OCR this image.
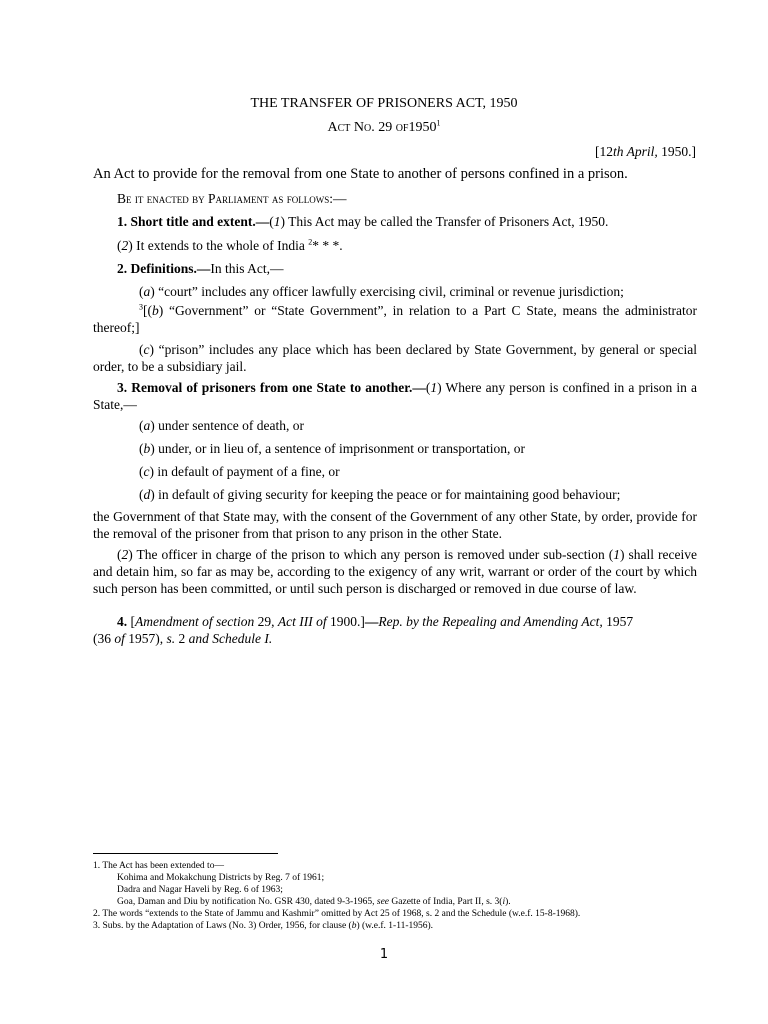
THE TRANSFER OF PRISONERS ACT, 1950
Act No. 29 of1950$^1$
[12th April, 1950.]
An Act to provide for the removal from one State to another of persons confined in a prison.
Be it enacted by Parliament as follows:—
1. Short title and extent.—(1) This Act may be called the Transfer of Prisoners Act, 1950.
(2) It extends to the whole of India $^2$* * *.
2. Definitions.—In this Act,—
(a) “court” includes any officer lawfully exercising civil, criminal or revenue jurisdiction;
$^3$[(b) “Government” or “State Government”, in relation to a Part C State, means the administrator thereof;]
(c) “prison” includes any place which has been declared by State Government, by general or special order, to be a subsidiary jail.
3. Removal of prisoners from one State to another.—(1) Where any person is confined in a prison in a State,—
(a) under sentence of death, or
(b) under, or in lieu of, a sentence of imprisonment or transportation, or
(c) in default of payment of a fine, or
(d) in default of giving security for keeping the peace or for maintaining good behaviour;
the Government of that State may, with the consent of the Government of any other State, by order, provide for the removal of the prisoner from that prison to any prison in the other State.
(2) The officer in charge of the prison to which any person is removed under sub-section (1) shall receive and detain him, so far as may be, according to the exigency of any writ, warrant or order of the court by which such person has been committed, or until such person is discharged or removed in due course of law.
4. [Amendment of section 29, Act III of 1900.]—Rep. by the Repealing and Amending Act, 1957
(36 of 1957), s. 2 and Schedule I.
1. The Act has been extended to—
Kohima and Mokakchung Districts by Reg. 7 of 1961;
Dadra and Nagar Haveli by Reg. 6 of 1963;
Goa, Daman and Diu by notification No. GSR 430, dated 9-3-1965, see Gazette of India, Part II, s. 3(i).
2. The words “extends to the State of Jammu and Kashmir” omitted by Act 25 of 1968, s. 2 and the Schedule (w.e.f. 15-8-1968).
3. Subs. by the Adaptation of Laws (No. 3) Order, 1956, for clause (b) (w.e.f. 1-11-1956).
1
